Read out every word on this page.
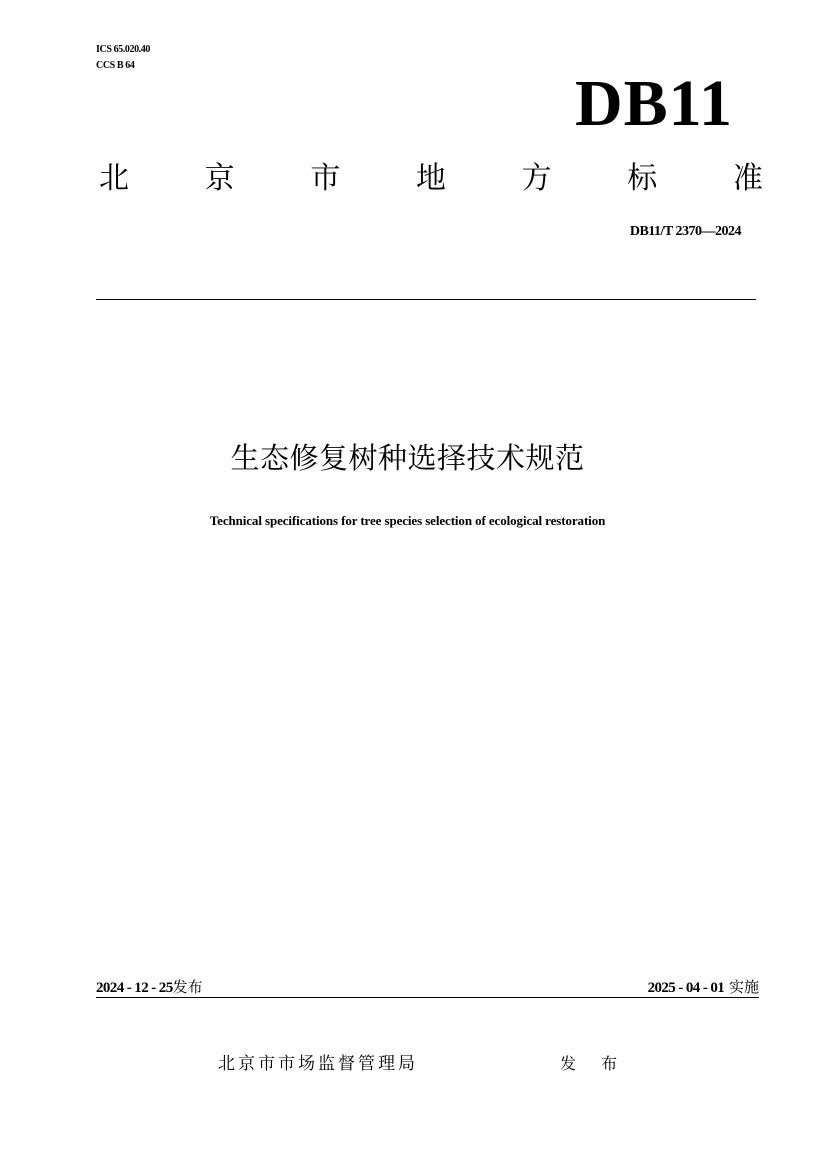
ICS 65.020.40
CCS B 64
DB11
北	京	市	地	方	标	准
DB11/T 2370—2024
生态修复树种选择技术规范
Technical specifications for tree species selection of ecological restoration
2024 - 12 - 25发布	2025 - 04 - 01 实施
北京市市场监督管理局	发 布
